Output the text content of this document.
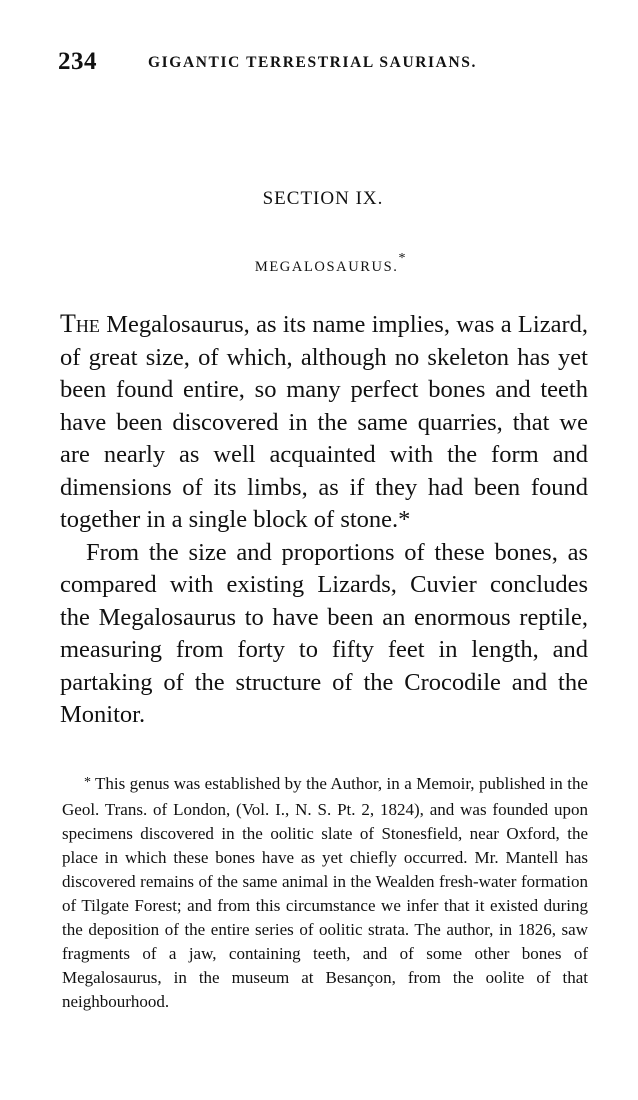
234	GIGANTIC TERRESTRIAL SAURIANS.
SECTION IX.
MEGALOSAURUS.*

The Megalosaurus, as its name implies, was a Lizard, of great size, of which, although no skeleton has yet been found entire, so many perfect bones and teeth have been discovered in the same quarries, that we are nearly as well acquainted with the form and dimensions of its limbs, as if they had been found together in a single block of stone.*

From the size and proportions of these bones, as compared with existing Lizards, Cuvier concludes the Megalosaurus to have been an enormous reptile, measuring from forty to fifty feet in length, and partaking of the structure of the Crocodile and the Monitor.

* This genus was established by the Author, in a Memoir, published in the Geol. Trans. of London, (Vol. I., N. S. Pt. 2, 1824), and was founded upon specimens discovered in the oolitic slate of Stonesfield, near Oxford, the place in which these bones have as yet chiefly occurred. Mr. Mantell has discovered remains of the same animal in the Wealden fresh-water formation of Tilgate Forest; and from this circumstance we infer that it existed during the deposition of the entire series of oolitic strata. The author, in 1826, saw fragments of a jaw, containing teeth, and of some other bones of Megalosaurus, in the museum at Besançon, from the oolite of that neighbourhood.
